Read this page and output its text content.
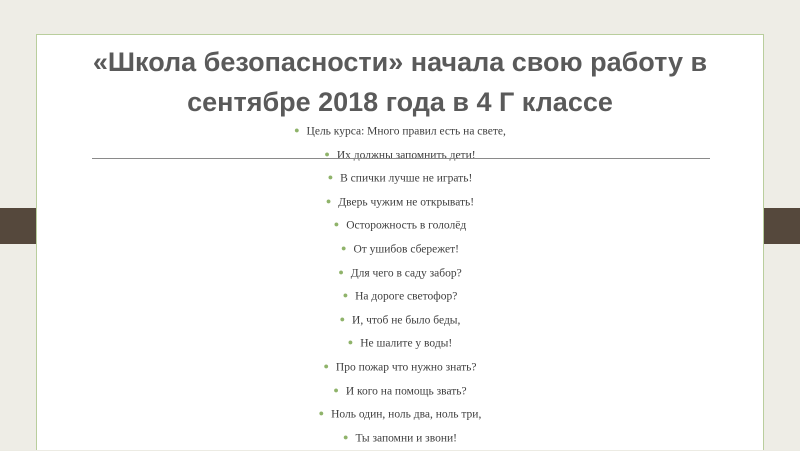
«Школа безопасности» начала свою работу в сентябре 2018 года в 4 Г классе
● Цель курса: Много правил есть на свете,
● Их должны запомнить дети!
● В спички лучше не играть!
● Дверь чужим не открывать!
● Осторожность в гололёд
● От ушибов сбережет!
● Для чего в саду забор?
● На дороге светофор?
● И, чтоб не было беды,
● Не шалите у воды!
● Про пожар что нужно знать?
● И кого на помощь звать?
● Ноль один, ноль два, ноль три,
● Ты запомни и звони!
